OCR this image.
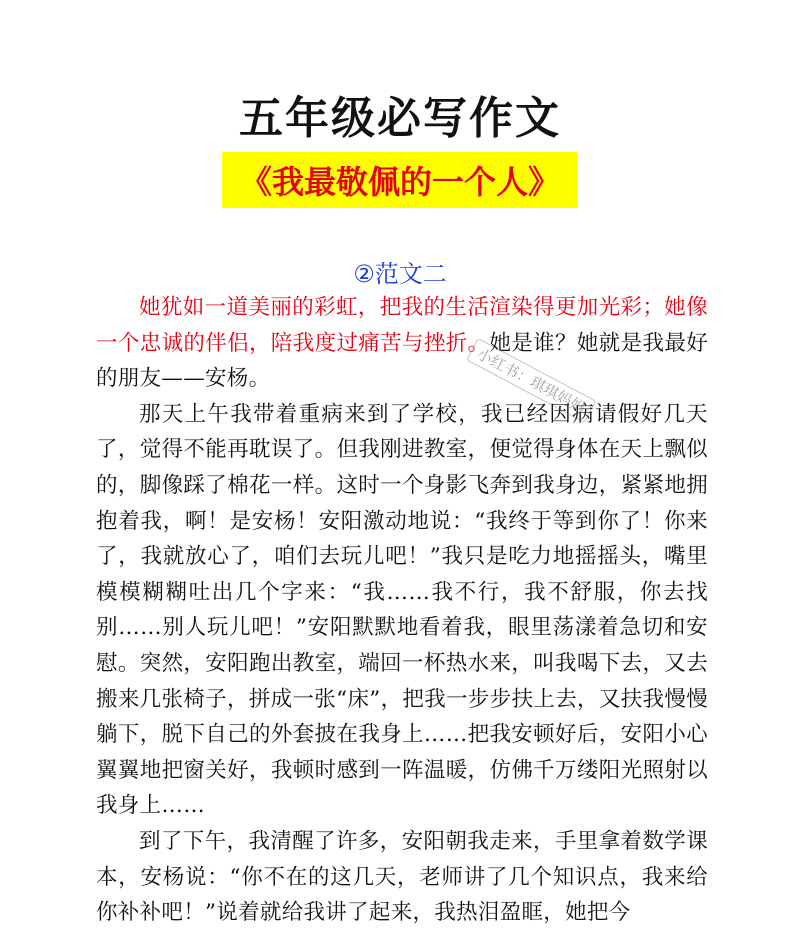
五年级必写作文
《我最敬佩的一个人》
②范文二

她犹如一道美丽的彩虹，把我的生活渲染得更加光彩；她像一个忠诚的伴侣，陪我度过痛苦与挫折。她是谁？她就是我最好的朋友——安杨。

那天上午我带着重病来到了学校，我已经因病请假好几天了，觉得不能再耽误了。但我刚进教室，便觉得身体在天上飘似的，脚像踩了棉花一样。这时一个身影飞奔到我身边，紧紧地拥抱着我，啊！是安杨！安阳激动地说：“我终于等到你了！你来了，我就放心了，咱们去玩儿吧！”我只是吃力地摇摇头，嘴里模模糊糊吐出几个字来：“我……我不行，我不舒服，你去找别……别人玩儿吧！”安阳默默地看着我，眼里荡漾着急切和安慰。突然，安阳跑出教室，端回一杯热水来，叫我喝下去，又去搬来几张椅子，拼成一张“床”，把我一步步扶上去，又扶我慢慢躺下，脱下自己的外套披在我身上……把我安顿好后，安阳小心翼翼地把窗关好，我顿时感到一阵温暖，仿佛千万缕阳光照射以我身上……

到了下午，我清醒了许多，安阳朝我走来，手里拿着数学课本，安杨说：“你不在的这几天，老师讲了几个知识点，我来给你补补吧！”说着就给我讲了起来，我热泪盈眶，她把今

小红书：琪琪妈妈
